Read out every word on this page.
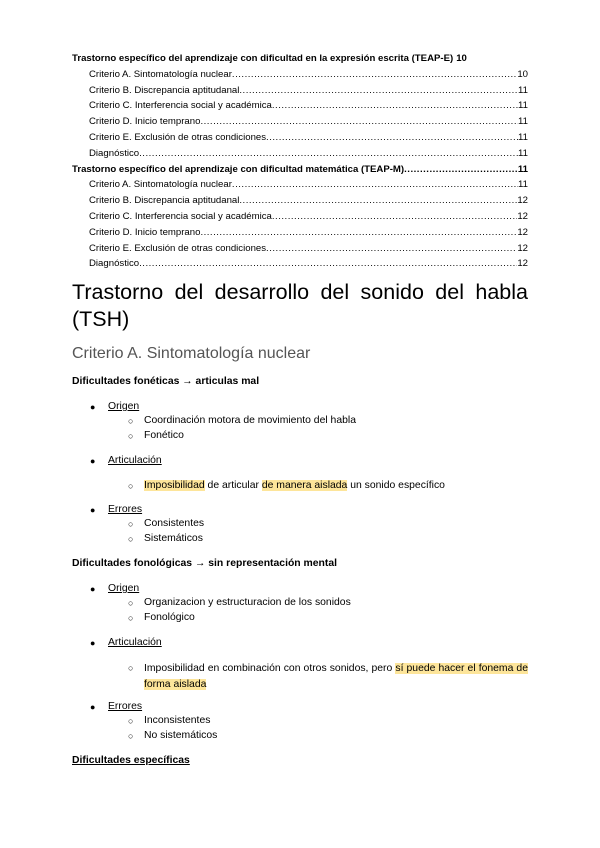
Trastorno específico del aprendizaje con dificultad en la expresión escrita (TEAP-E) 10
Criterio A. Sintomatología nuclear .....	10
Criterio B. Discrepancia aptitudanal .....	11
Criterio C. Interferencia social y académica .....	11
Criterio D. Inicio temprano .....	11
Criterio E. Exclusión de otras condiciones .....	11
Diagnóstico .....	11
Trastorno específico del aprendizaje con dificultad matemática (TEAP-M) .....	11
Criterio A. Sintomatología nuclear .....	11
Criterio B. Discrepancia aptitudanal .....	12
Criterio C. Interferencia social y académica .....	12
Criterio D. Inicio temprano .....	12
Criterio E. Exclusión de otras condiciones .....	12
Diagnóstico .....	12
Trastorno del desarrollo del sonido del habla (TSH)
Criterio A. Sintomatología nuclear
Dificultades fonéticas → articulas mal
● Origen
○ Coordinación motora de movimiento del habla
○ Fonético
● Articulación
○ Imposibilidad de articular de manera aislada un sonido específico
● Errores
○ Consistentes
○ Sistemáticos
Dificultades fonológicas → sin representación mental
● Origen
○ Organizacion y estructuracion de los sonidos
○ Fonológico
● Articulación
○ Imposibilidad en combinación con otros sonidos, pero sí puede hacer el fonema de forma aislada
● Errores
○ Inconsistentes
○ No sistemáticos
Dificultades específicas
